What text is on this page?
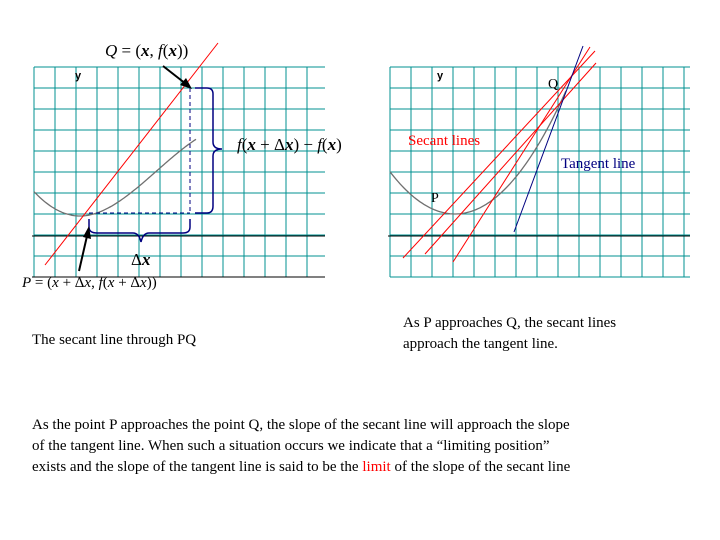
y	y
Q = (x, f(x))
f(x + Δx) − f(x)
Δx
P = (x + Δx, f(x + Δx))
Q
P
Secant lines
Tangent line
The secant line through PQ
As P approaches Q, the secant lines
approach the tangent line.
As the point P approaches the point Q, the slope of the secant line will approach the slope
of the tangent line. When such a situation occurs we indicate that a “limiting position”
exists and the slope of the tangent line is said to be the limit of the slope of the secant line
